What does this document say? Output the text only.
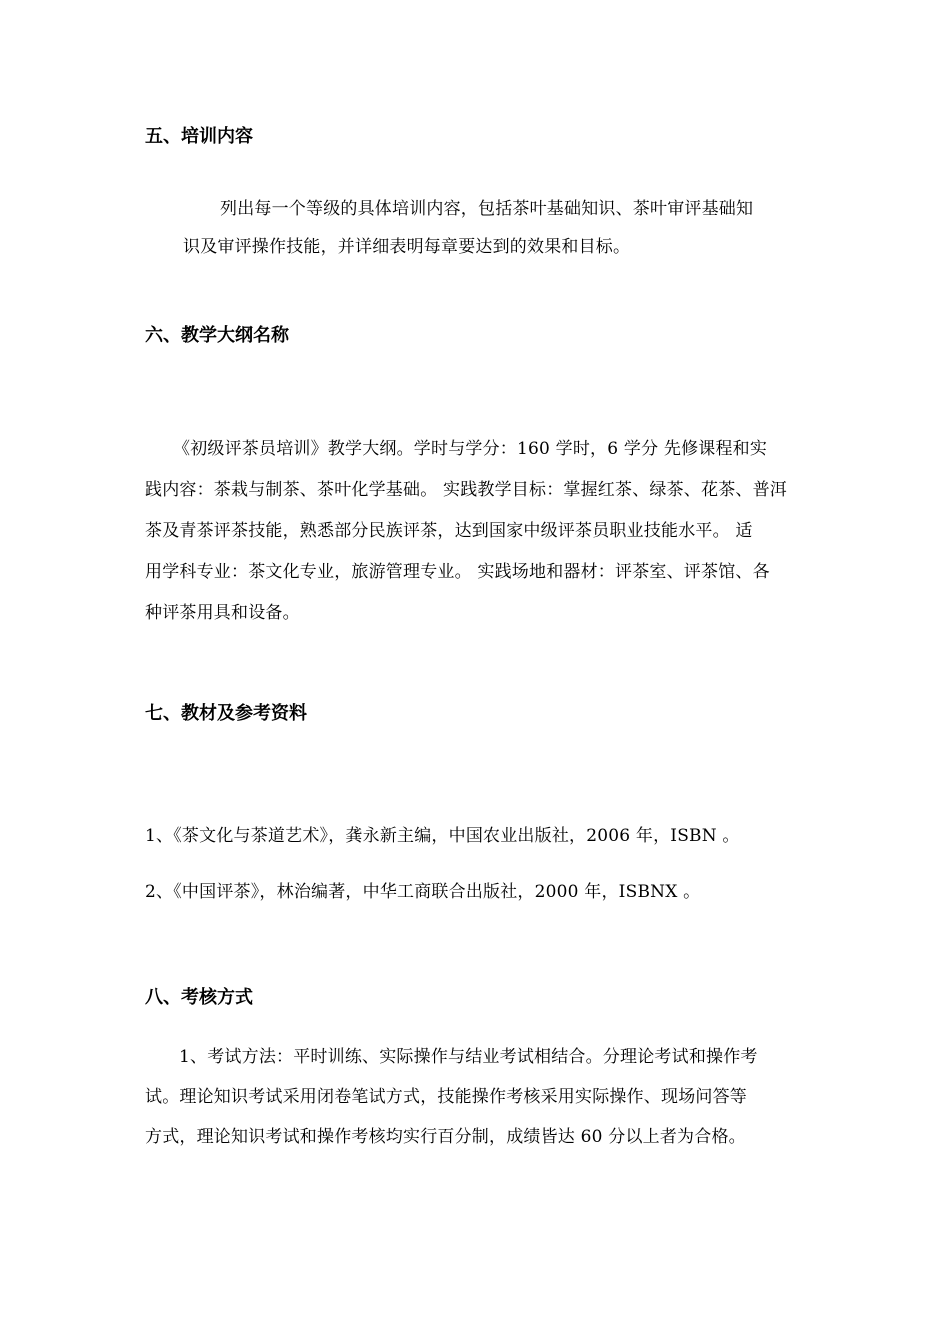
五、培训内容
列出每一个等级的具体培训内容，包括茶叶基础知识、茶叶审评基础知
识及审评操作技能，并详细表明每章要达到的效果和目标。
六、教学大纲名称
《初级评茶员培训》教学大纲。学时与学分：160 学时，6 学分 先修课程和实
践内容：茶栽与制茶、茶叶化学基础。 实践教学目标：掌握红茶、绿茶、花茶、普洱
茶及青茶评茶技能，熟悉部分民族评茶，达到国家中级评茶员职业技能水平。 适
用学科专业：茶文化专业，旅游管理专业。 实践场地和器材：评茶室、评茶馆、各
种评茶用具和设备。
七、教材及参考资料
1、《茶文化与茶道艺术》，龚永新主编，中国农业出版社，2006 年，ISBN 。
2、《中国评茶》，林治编著，中华工商联合出版社，2000 年，ISBNX 。
八、考核方式
1、考试方法：平时训练、实际操作与结业考试相结合。分理论考试和操作考
试。理论知识考试采用闭卷笔试方式，技能操作考核采用实际操作、现场问答等
方式，理论知识考试和操作考核均实行百分制，成绩皆达 60 分以上者为合格。
